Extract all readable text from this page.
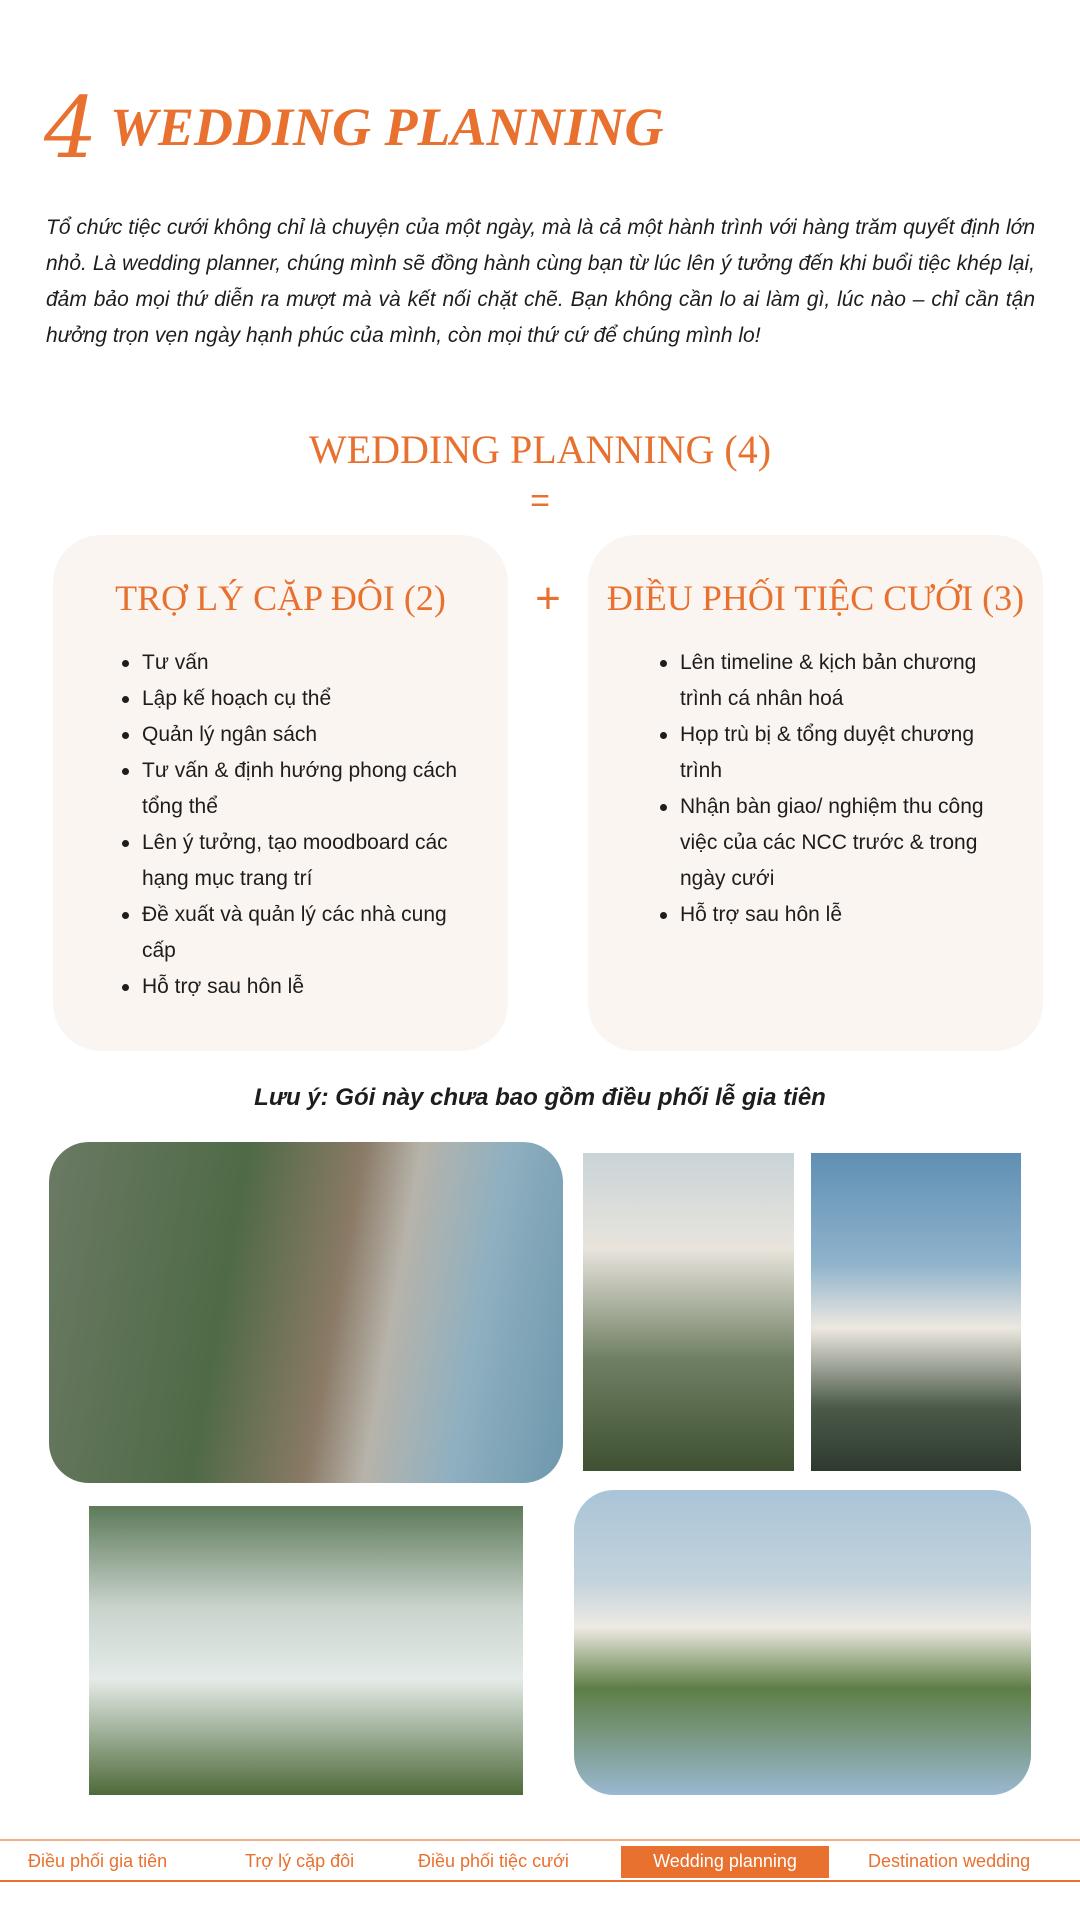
4 WEDDING PLANNING

Tổ chức tiệc cưới không chỉ là chuyện của một ngày, mà là cả một hành trình với hàng trăm quyết định lớn nhỏ. Là wedding planner, chúng mình sẽ đồng hành cùng bạn từ lúc lên ý tưởng đến khi buổi tiệc khép lại, đảm bảo mọi thứ diễn ra mượt mà và kết nối chặt chẽ. Bạn không cần lo ai làm gì, lúc nào – chỉ cần tận hưởng trọn vẹn ngày hạnh phúc của mình, còn mọi thứ cứ để chúng mình lo!

WEDDING PLANNING (4)
=
TRỢ LÝ CẶP ĐÔI (2)
Tư vấn
Lập kế hoạch cụ thể
Quản lý ngân sách
Tư vấn & định hướng phong cách tổng thể
Lên ý tưởng, tạo moodboard các hạng mục trang trí
Đề xuất và quản lý các nhà cung cấp
Hỗ trợ sau hôn lễ
+	ĐIỀU PHỐI TIỆC CƯỚI (3)
Lên timeline & kịch bản chương trình cá nhân hoá
Họp trù bị & tổng duyệt chương trình
Nhận bàn giao/ nghiệm thu công việc của các NCC trước & trong ngày cưới
Hỗ trợ sau hôn lễ
Lưu ý: Gói này chưa bao gồm điều phối lễ gia tiên
Điều phối gia tiên	Trợ lý cặp đôi	Điều phối tiệc cưới	Wedding planning	Destination wedding
